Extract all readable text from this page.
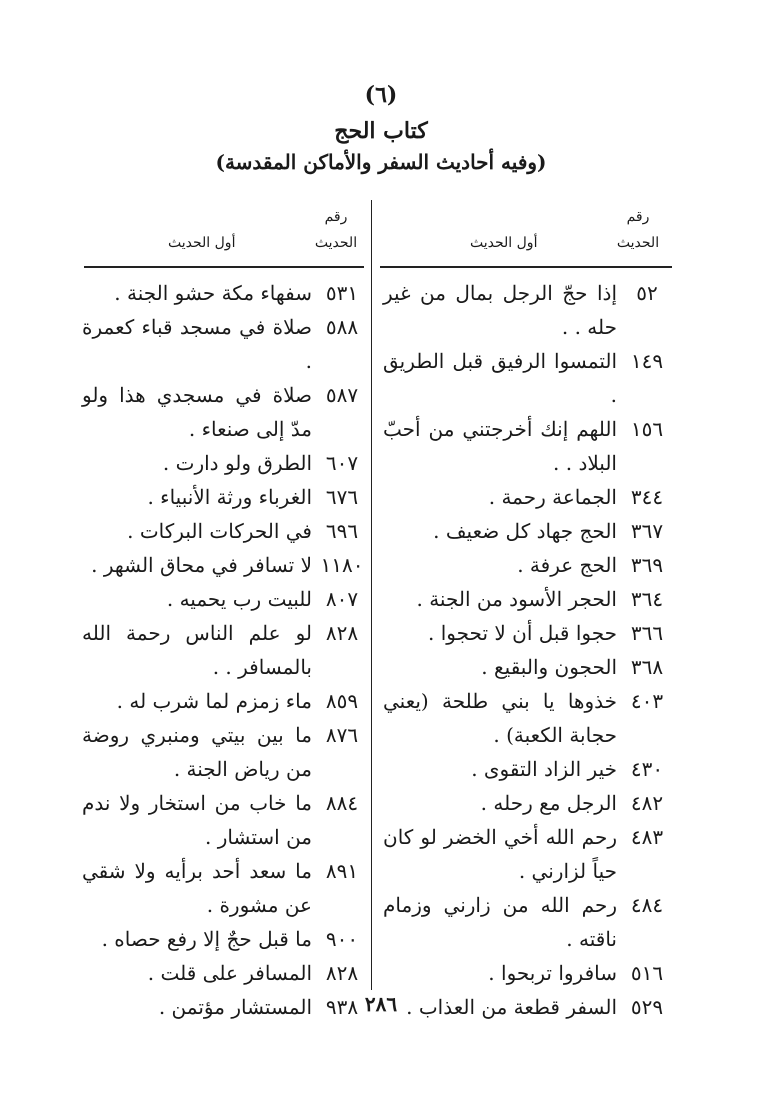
(٦)
كتاب الحج
(وفيه أحاديث السفر والأماكن المقدسة)
رقم
الحديث
أول الحديث
رقم
الحديث
أول الحديث
٥٢
إذا حجّ الرجل بمال من غير حله . .
١٤٩
التمسوا الرفيق قبل الطريق .
١٥٦
اللهم إنك أخرجتني من أحبّ البلاد . .
٣٤٤
الجماعة رحمة .
٣٦٧
الحج جهاد كل ضعيف .
٣٦٩
الحج عرفة .
٣٦٤
الحجر الأسود من الجنة .
٣٦٦
حجوا قبل أن لا تحجوا .
٣٦٨
الحجون والبقيع .
٤٠٣
خذوها يا بني طلحة (يعني حجابة الكعبة) .
٤٣٠
خير الزاد التقوى .
٤٨٢
الرجل مع رحله .
٤٨٣
رحم الله أخي الخضر لو كان حياً لزارني .
٤٨٤
رحم الله من زارني وزمام ناقته .
٥١٦
سافروا تربحوا .
٥٢٩
السفر قطعة من العذاب .
٥٣١
سفهاء مكة حشو الجنة .
٥٨٨
صلاة في مسجد قباء كعمرة .
٥٨٧
صلاة في مسجدي هذا ولو مدّ إلى صنعاء .
٦٠٧
الطرق ولو دارت .
٦٧٦
الغرباء ورثة الأنبياء .
٦٩٦
في الحركات البركات .
١١٨٠
لا تسافر في محاق الشهر .
٨٠٧
للبيت رب يحميه .
٨٢٨
لو علم الناس رحمة الله بالمسافر . .
٨٥٩
ماء زمزم لما شرب له .
٨٧٦
ما بين بيتي ومنبري روضة من رياض الجنة .
٨٨٤
ما خاب من استخار ولا ندم من استشار .
٨٩١
ما سعد أحد برأيه ولا شقي عن مشورة .
٩٠٠
ما قبل حجٌ إلا رفع حصاه .
٨٢٨
المسافر على قلت .
٩٣٨
المستشار مؤتمن .	٢٨٦
